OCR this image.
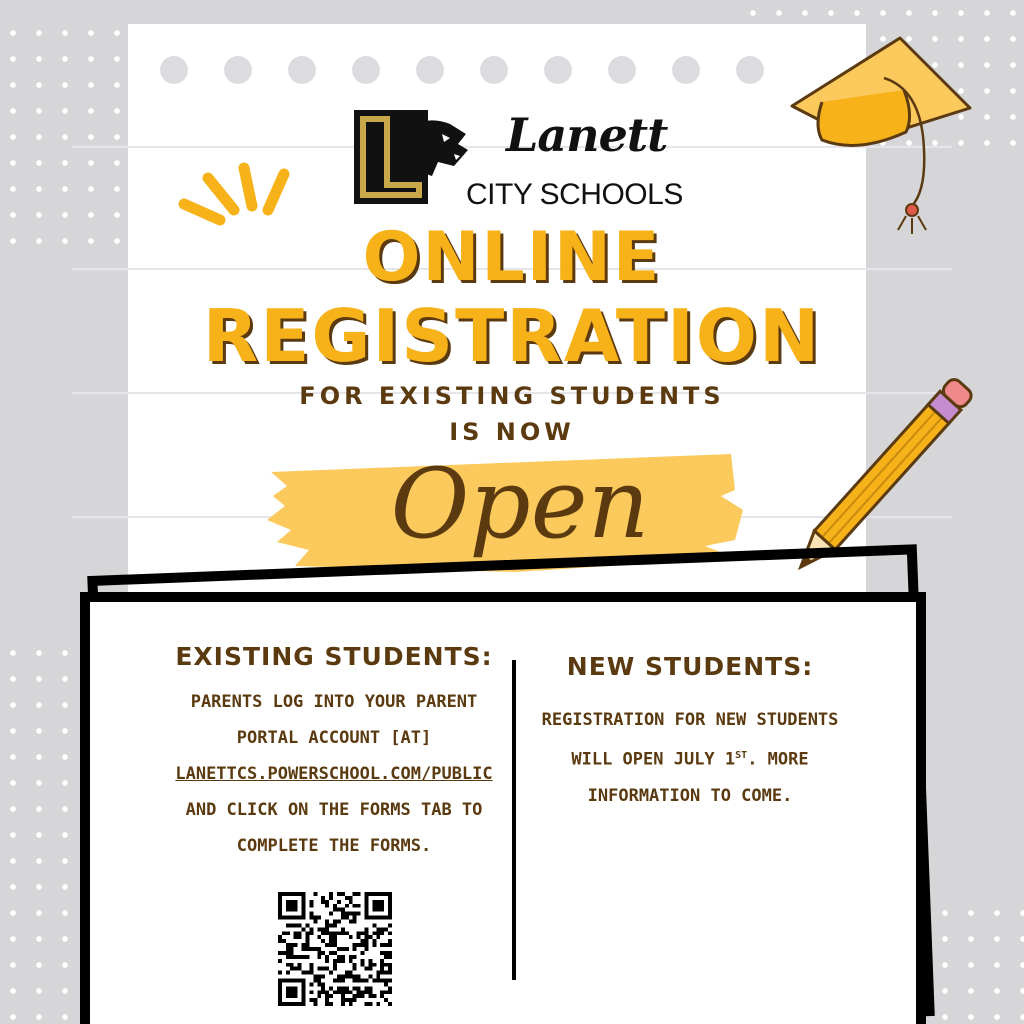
Lanett
CITY SCHOOLS
ONLINE
REGISTRATION
FOR EXISTING STUDENTS
IS NOW
Open
EXISTING STUDENTS:
PARENTS LOG INTO YOUR PARENT
PORTAL ACCOUNT [AT]
LANETTCS.POWERSCHOOL.COM/PUBLIC
AND CLICK ON THE FORMS TAB TO
COMPLETE THE FORMS.
NEW STUDENTS:
REGISTRATION FOR NEW STUDENTS
WILL OPEN JULY 1ST. MORE
INFORMATION TO COME.
